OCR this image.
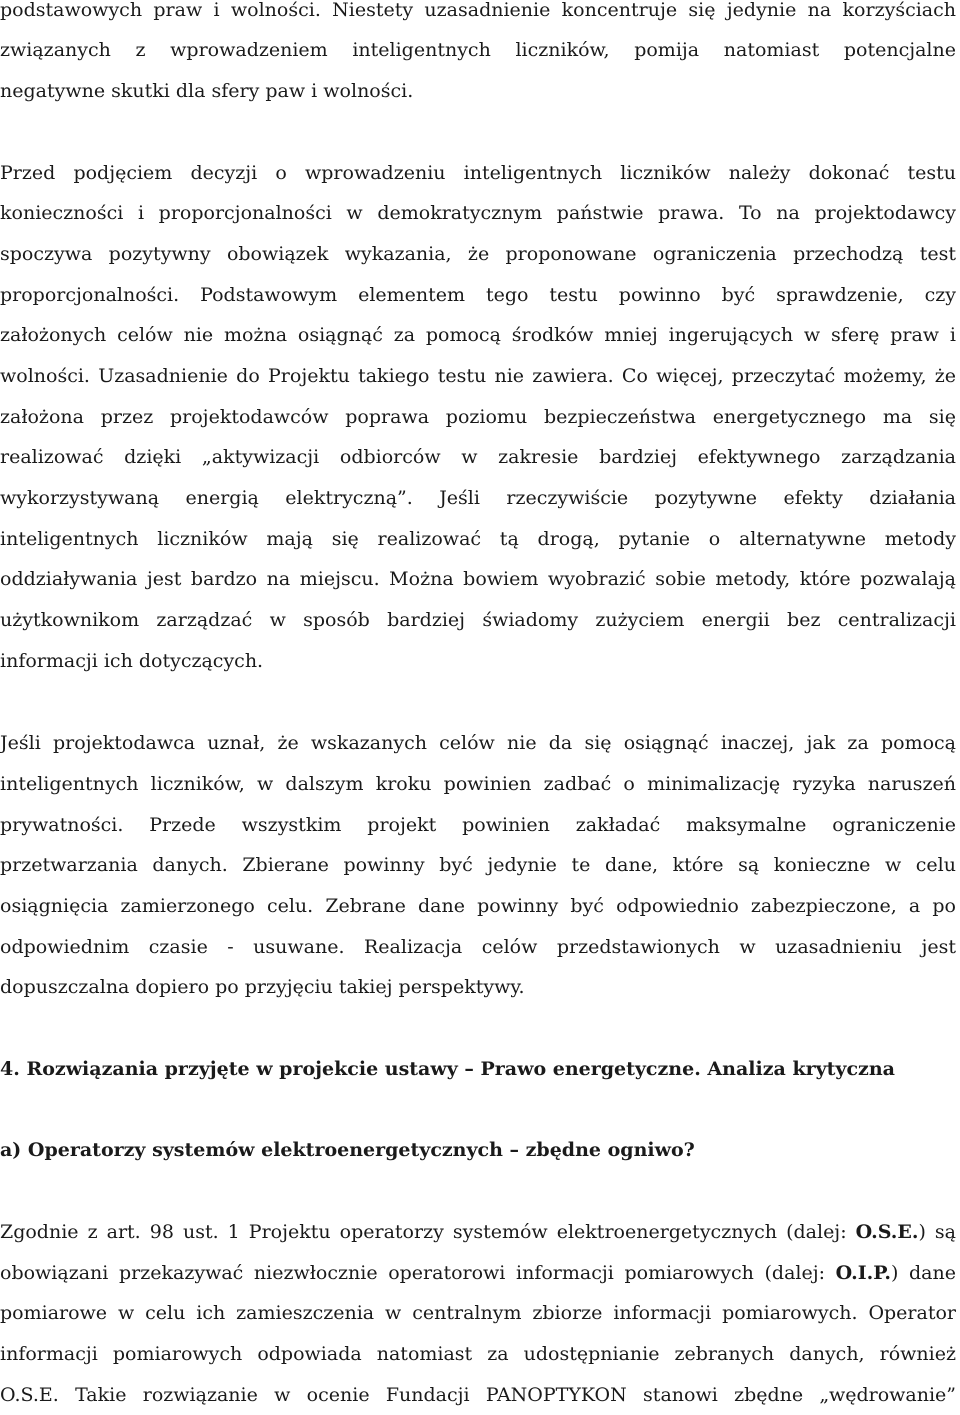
podstawowych praw i wolności. Niestety uzasadnienie koncentruje się jedynie na korzyściach
związanych z wprowadzeniem inteligentnych liczników, pomija natomiast potencjalne
negatywne skutki dla sfery paw i wolności.
Przed podjęciem decyzji o wprowadzeniu inteligentnych liczników należy dokonać testu
konieczności i proporcjonalności w demokratycznym państwie prawa. To na projektodawcy
spoczywa pozytywny obowiązek wykazania, że proponowane ograniczenia przechodzą test
proporcjonalności. Podstawowym elementem tego testu powinno być sprawdzenie, czy
założonych celów nie można osiągnąć za pomocą środków mniej ingerujących w sferę praw i
wolności. Uzasadnienie do Projektu takiego testu nie zawiera. Co więcej, przeczytać możemy, że
założona przez projektodawców poprawa poziomu bezpieczeństwa energetycznego ma się
realizować dzięki „aktywizacji odbiorców w zakresie bardziej efektywnego zarządzania
wykorzystywaną energią elektryczną”. Jeśli rzeczywiście pozytywne efekty działania
inteligentnych liczników mają się realizować tą drogą, pytanie o alternatywne metody
oddziaływania jest bardzo na miejscu. Można bowiem wyobrazić sobie metody, które pozwalają
użytkownikom zarządzać w sposób bardziej świadomy zużyciem energii bez centralizacji
informacji ich dotyczących.
Jeśli projektodawca uznał, że wskazanych celów nie da się osiągnąć inaczej, jak za pomocą
inteligentnych liczników, w dalszym kroku powinien zadbać o minimalizację ryzyka naruszeń
prywatności. Przede wszystkim projekt powinien zakładać maksymalne ograniczenie
przetwarzania danych. Zbierane powinny być jedynie te dane, które są konieczne w celu
osiągnięcia zamierzonego celu. Zebrane dane powinny być odpowiednio zabezpieczone, a po
odpowiednim czasie - usuwane. Realizacja celów przedstawionych w uzasadnieniu jest
dopuszczalna dopiero po przyjęciu takiej perspektywy.
4. Rozwiązania przyjęte w projekcie ustawy – Prawo energetyczne. Analiza krytyczna
a) Operatorzy systemów elektroenergetycznych – zbędne ogniwo?
Zgodnie z art. 98 ust. 1 Projektu operatorzy systemów elektroenergetycznych (dalej: O.S.E.) są
obowiązani przekazywać niezwłocznie operatorowi informacji pomiarowych (dalej: O.I.P.) dane
pomiarowe w celu ich zamieszczenia w centralnym zbiorze informacji pomiarowych. Operator
informacji pomiarowych odpowiada natomiast za udostępnianie zebranych danych, również
O.S.E. Takie rozwiązanie w ocenie Fundacji PANOPTYKON stanowi zbędne „wędrowanie”
